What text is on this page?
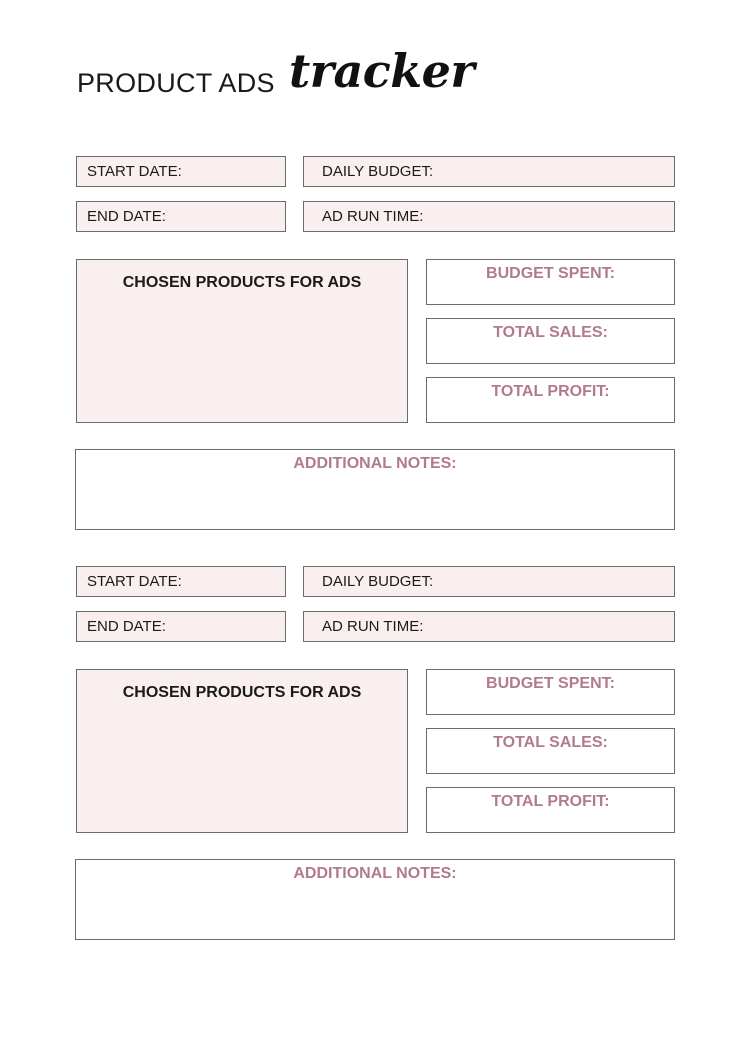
PRODUCT ADS tracker
START DATE:	DAILY BUDGET:
END DATE:	AD RUN TIME:
CHOSEN PRODUCTS FOR ADS
BUDGET SPENT:
TOTAL SALES:
TOTAL PROFIT:
ADDITIONAL NOTES:
START DATE:	DAILY BUDGET:
END DATE:	AD RUN TIME:
CHOSEN PRODUCTS FOR ADS
BUDGET SPENT:
TOTAL SALES:
TOTAL PROFIT:
ADDITIONAL NOTES:
